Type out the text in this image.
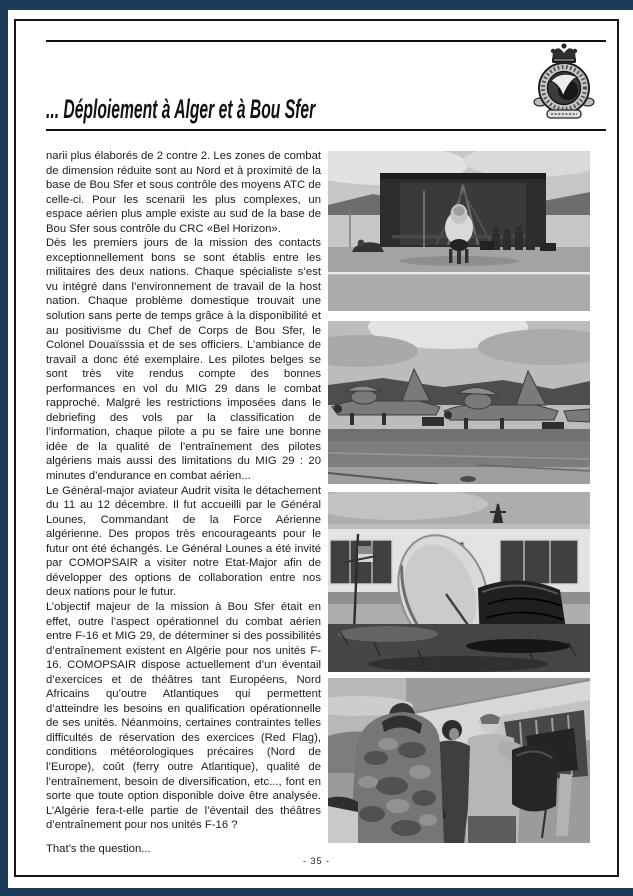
... Déploiement à Alger et à Bou Sfer

narii plus élaborés de 2 contre 2. Les zones de combat de dimension réduite sont au Nord et à proximité de la base de Bou Sfer et sous contrôle des moyens ATC de celle-ci. Pour les scenarii les plus complexes, un espace aérien plus ample existe au sud de la base de Bou Sfer sous contrôle du CRC «Bel Horizon».

Dès les premiers jours de la mission des contacts exceptionnellement bons se sont établis entre les militaires des deux nations. Chaque spécialiste s’est vu intégré dans l’environnement de travail de la host nation. Chaque problème domestique trouvait une solution sans perte de temps grâce à la disponibilité et au positivisme du Chef de Corps de Bou Sfer, le Colonel Douaïsssia et de ses officiers. L’ambiance de travail a donc été exemplaire. Les pilotes belges se sont très vite rendus compte des bonnes performances en vol du MIG 29 dans le combat rapproché. Malgré les restrictions imposées dans le debriefing des vols par la classification de l’information, chaque pilote a pu se faire une bonne idée de la qualité de l’entraînement des pilotes algériens mais aussi des limitations du MIG 29 : 20 minutes d’endurance en combat aérien...

Le Général-major aviateur Audrit visita le détachement du 11 au 12 décembre. Il fut accueilli par le Général Lounes, Commandant de la Force Aérienne algérienne. Des propos très encourageants pour le futur ont été échangés. Le Général Lounes a été invité par COMOPSAIR a visiter notre Etat-Major afin de développer des options de collaboration entre nos deux nations pour le futur.

L’objectif majeur de la mission à Bou Sfer était en effet, outre l’aspect opérationnel du combat aérien entre F-16 et MIG 29, de déterminer si des possibilités d’entraînement existent en Algérie pour nos unités F-16. COMOPSAIR dispose actuellement d’un éventail d’exercices et de théâtres tant Européens, Nord Africains qu’outre Atlantiques qui permettent d’atteindre les besoins en qualification opérationnelle de ses unités. Néanmoins, certaines contraintes telles difficultés de réservation des exercices (Red Flag), conditions météorologiques précaires (Nord de l’Europe), coût (ferry outre Atlantique), qualité de l’entraînement, besoin de diversification, etc..., font en sorte que toute option disponible doive être analysée. L’Algérie fera-t-elle partie de l’éventail des théâtres d’entraînement pour nos unités F-16 ?

That’s the question...

- 35 -
